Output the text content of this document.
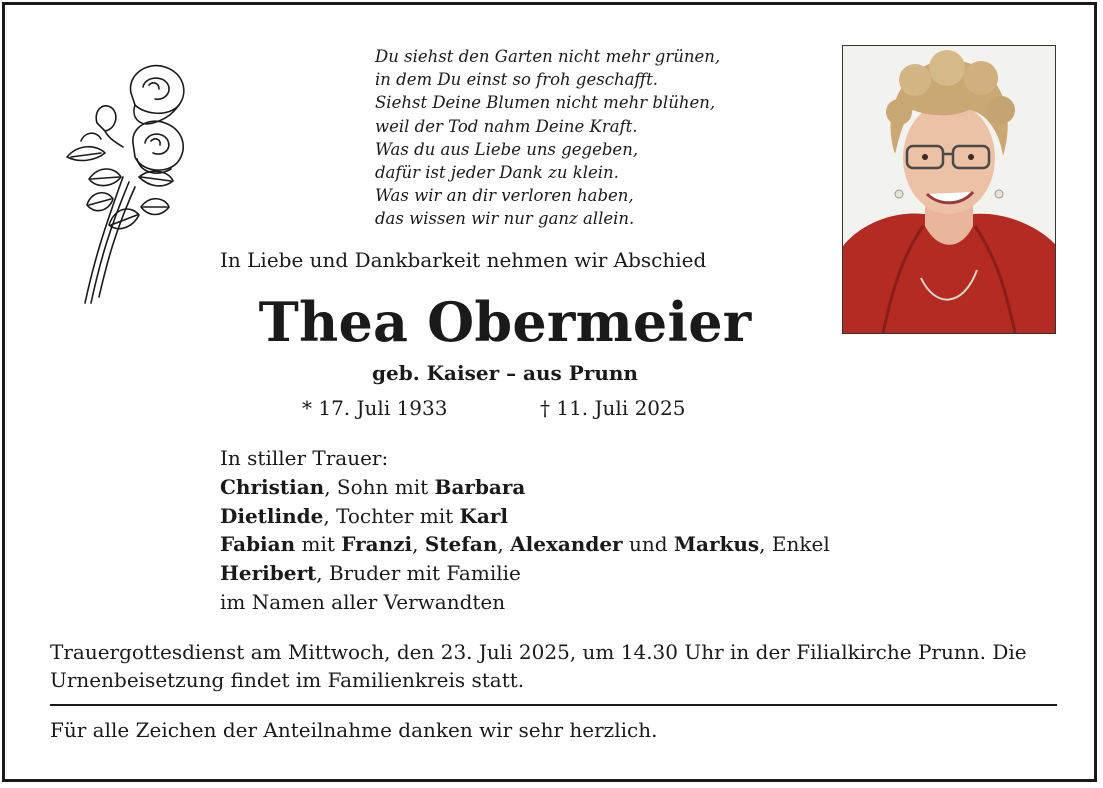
Du siehst den Garten nicht mehr grünen,
in dem Du einst so froh geschafft.
Siehst Deine Blumen nicht mehr blühen,
weil der Tod nahm Deine Kraft.
Was du aus Liebe uns gegeben,
dafür ist jeder Dank zu klein.
Was wir an dir verloren haben,
das wissen wir nur ganz allein.
In Liebe und Dankbarkeit nehmen wir Abschied
Thea Obermeier
geb. Kaiser – aus Prunn
* 17. Juli 1933	† 11. Juli 2025
In stiller Trauer:
Christian, Sohn mit Barbara
Dietlinde, Tochter mit Karl
Fabian mit Franzi, Stefan, Alexander und Markus, Enkel
Heribert, Bruder mit Familie
im Namen aller Verwandten
Trauergottesdienst am Mittwoch, den 23. Juli 2025, um 14.30 Uhr in der Filialkirche Prunn. Die Urnenbeisetzung findet im Familienkreis statt.
Für alle Zeichen der Anteilnahme danken wir sehr herzlich.
